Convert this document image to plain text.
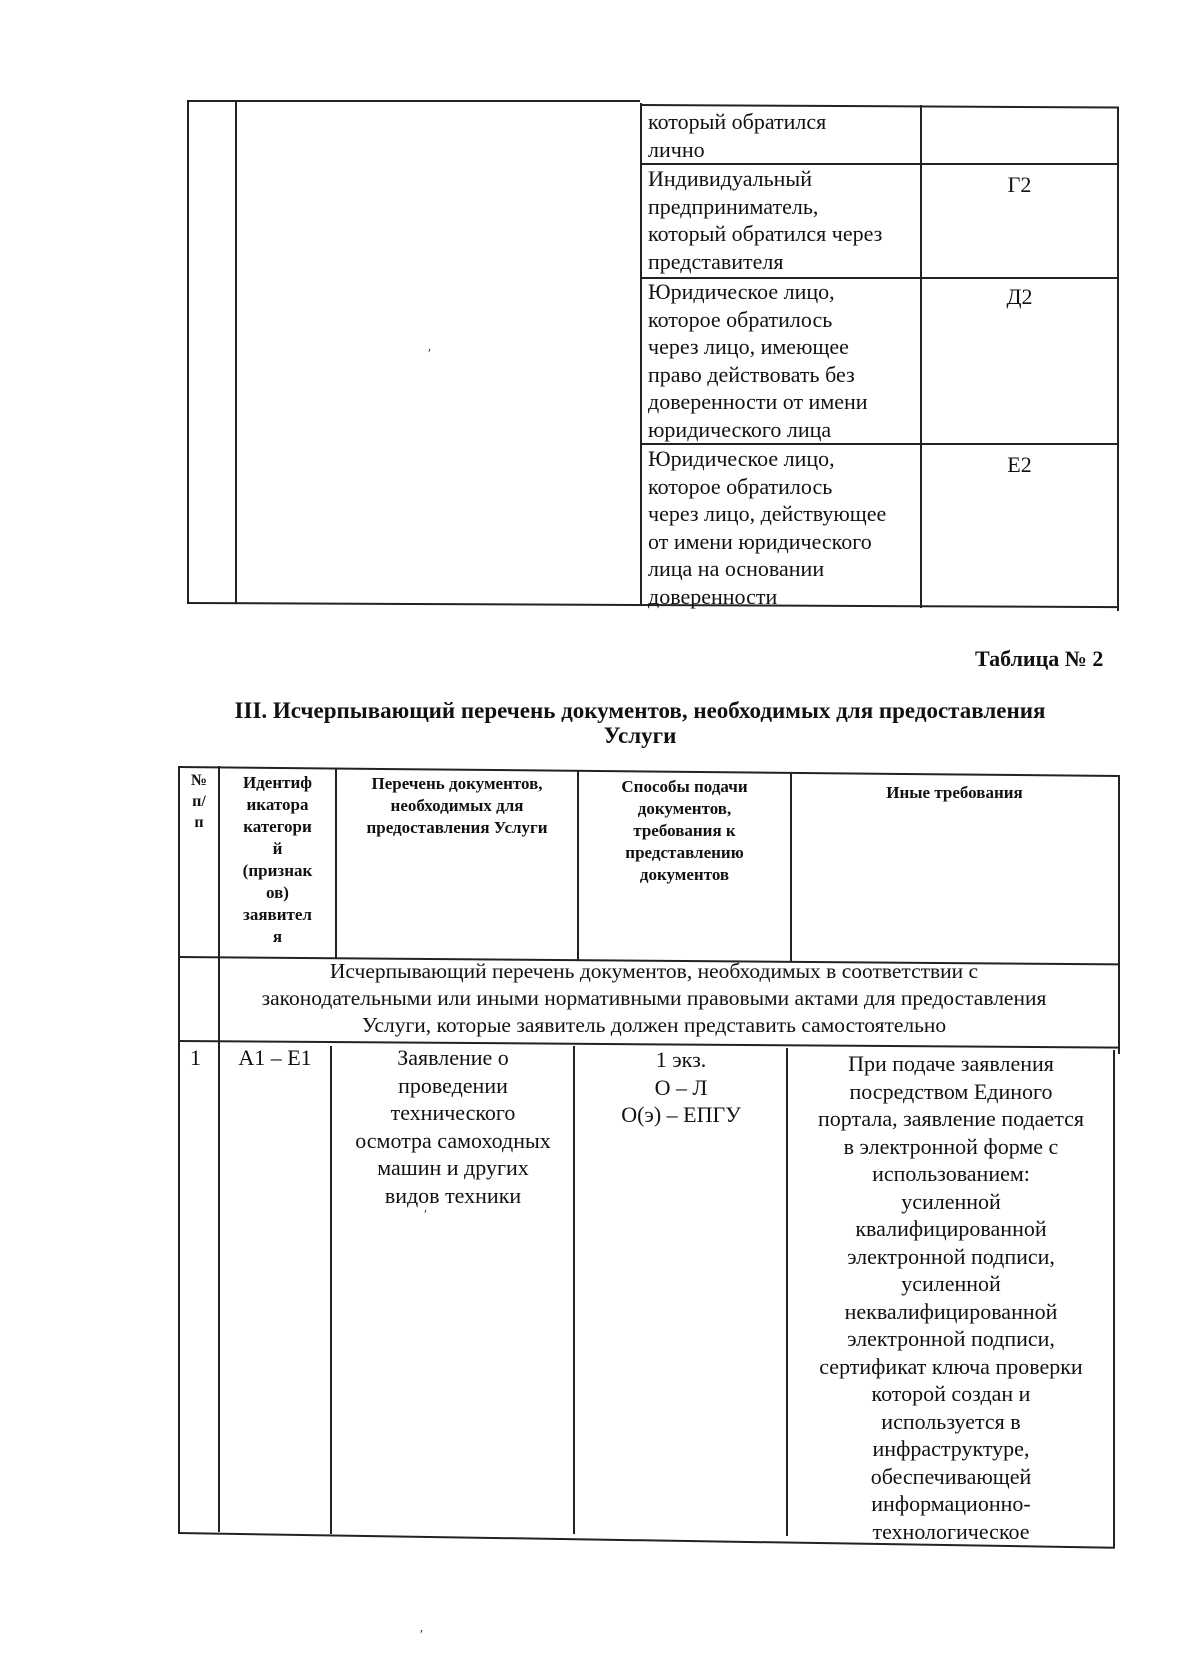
который обратился
лично
Индивидуальный
предприниматель,
который обратился через
представителя
Г2
Юридическое лицо,
которое обратилось
через лицо, имеющее
право действовать без
доверенности от имени
юридического лица
Д2
Юридическое лицо,
которое обратилось
через лицо, действующее
от имени юридического
лица на основании
доверенности
Е2
′
Таблица № 2
III. Исчерпывающий перечень документов, необходимых для предоставления
Услуги
№
п/
п
Идентиф
икатора
категори
й
(признак
ов)
заявител
я
Перечень документов,
необходимых для
предоставления Услуги
Способы подачи
документов,
требования к
представлению
документов
Иные требования
Исчерпывающий перечень документов, необходимых в соответствии с
законодательными или иными нормативными правовыми актами для предоставления
Услуги, которые заявитель должен представить самостоятельно
1	А1 – Е1	Заявление о
проведении
технического
осмотра самоходных
машин и других
видов техники
1 экз.
О – Л
О(э) – ЕПГУ
При подаче заявления
посредством Единого
портала, заявление подается
в электронной форме с
использованием:
усиленной
квалифицированной
электронной подписи,
усиленной
неквалифицированной
электронной подписи,
сертификат ключа проверки
которой создан и
используется в
инфраструктуре,
обеспечивающей
информационно-
технологическое
′
′
